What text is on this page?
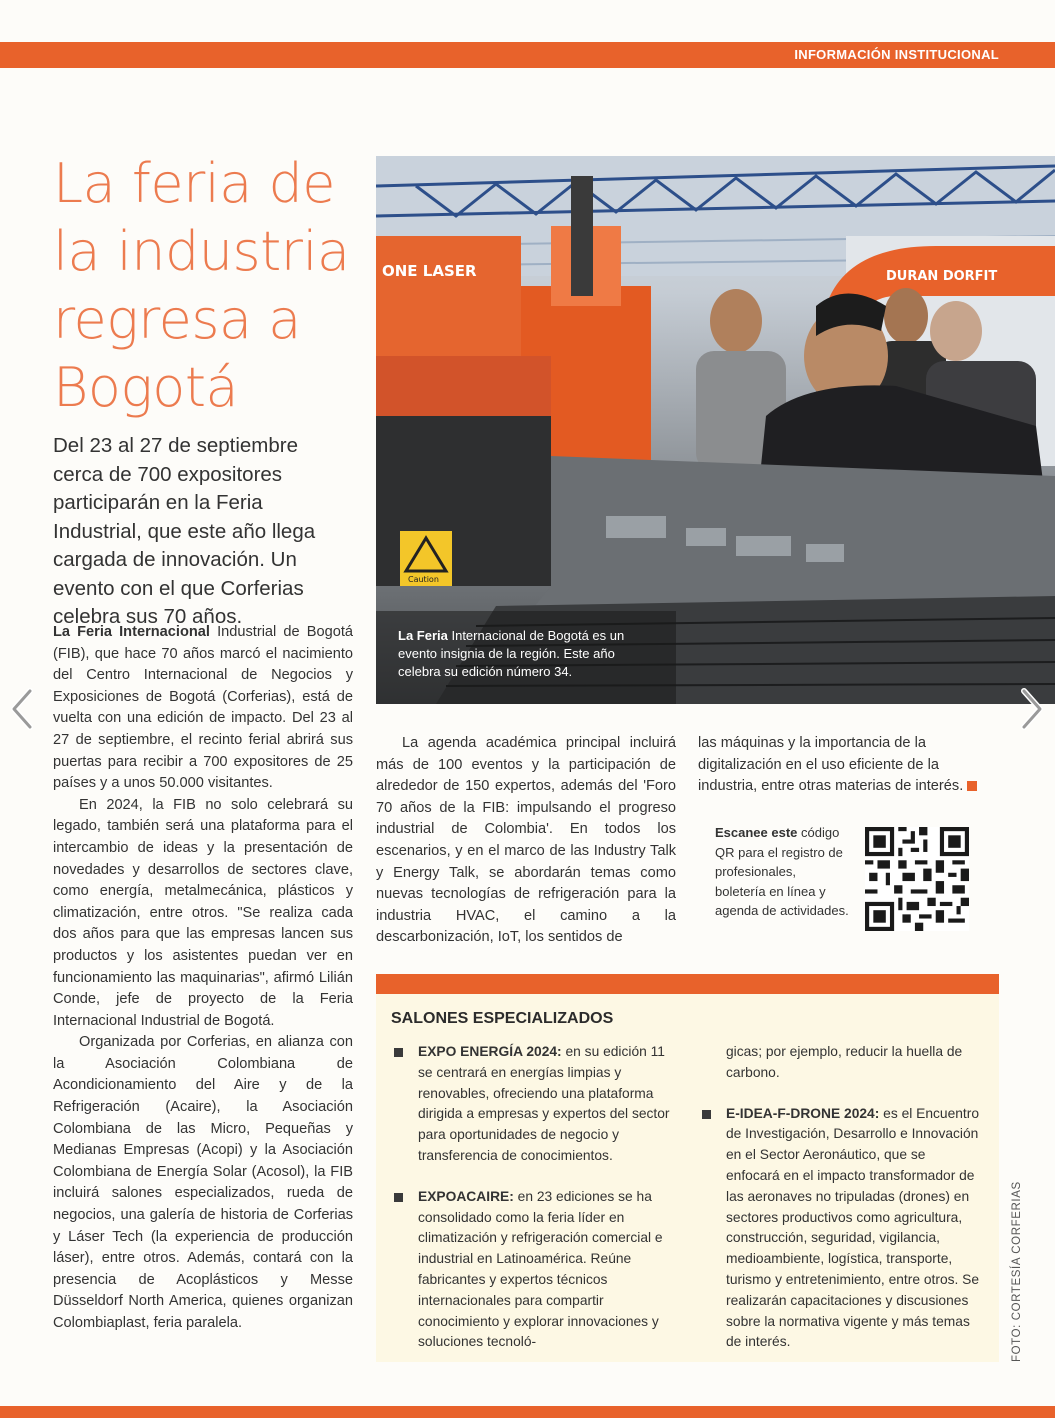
INFORMACIÓN INSTITUCIONAL
La feria de la industria regresa a Bogotá

Del 23 al 27 de septiembre cerca de 700 expositores participarán en la Feria Industrial, que este año llega cargada de innovación. Un evento con el que Corferias celebra sus 70 años.

DURAN DORFIT
ONE LASER
Caution

La Feria Internacional de Bogotá es un evento insignia de la región. Este año celebra su edición número 34.

La Feria Internacional Industrial de Bogotá (FIB), que hace 70 años marcó el nacimiento del Centro Internacional de Negocios y Exposiciones de Bogotá (Corferias), está de vuelta con una edición de impacto. Del 23 al 27 de septiembre, el recinto ferial abrirá sus puertas para recibir a 700 expositores de 25 países y a unos 50.000 visitantes.

En 2024, la FIB no solo celebrará su legado, también será una plataforma para el intercambio de ideas y la presentación de novedades y desarrollos de sectores clave, como energía, metalmecánica, plásticos y climatización, entre otros. "Se realiza cada dos años para que las empresas lancen sus productos y los asistentes puedan ver en funcionamiento las maquinarias", afirmó Lilián Conde, jefe de proyecto de la Feria Internacional Industrial de Bogotá.

Organizada por Corferias, en alianza con la Asociación Colombiana de Acondicionamiento del Aire y de la Refrigeración (Acaire), la Asociación Colombiana de las Micro, Pequeñas y Medianas Empresas (Acopi) y la Asociación Colombiana de Energía Solar (Acosol), la FIB incluirá salones especializados, rueda de negocios, una galería de historia de Corferias y Láser Tech (la experiencia de producción láser), entre otros. Además, contará con la presencia de Acoplásticos y Messe Düsseldorf North America, quienes organizan Colombiaplast, feria paralela.

La agenda académica principal incluirá más de 100 eventos y la participación de alrededor de 150 expertos, además del 'Foro 70 años de la FIB: impulsando el progreso industrial de Colombia'. En todos los escenarios, y en el marco de las Industry Talk y Energy Talk, se abordarán temas como nuevas tecnologías de refrigeración para la industria HVAC, el camino a la descarbonización, IoT, los sentidos de

las máquinas y la importancia de la digitalización en el uso eficiente de la industria, entre otras materias de interés.

Escanee este código QR para el registro de profesionales, boletería en línea y agenda de actividades.

SALONES ESPECIALIZADOS

EXPO ENERGÍA 2024: en su edición 11 se centrará en energías limpias y renovables, ofreciendo una plataforma dirigida a empresas y expertos del sector para oportunidades de negocio y transferencia de conocimientos.

EXPOACAIRE: en 23 ediciones se ha consolidado como la feria líder en climatización y refrigeración comercial e industrial en Latinoamérica. Reúne fabricantes y expertos técnicos internacionales para compartir conocimiento y explorar innovaciones y soluciones tecnoló-

gicas; por ejemplo, reducir la huella de carbono.

E-IDEA-F-DRONE 2024: es el Encuentro de Investigación, Desarrollo e Innovación en el Sector Aeronáutico, que se enfocará en el impacto transformador de las aeronaves no tripuladas (drones) en sectores productivos como agricultura, construcción, seguridad, vigilancia, medioambiente, logística, transporte, turismo y entretenimiento, entre otros. Se realizarán capacitaciones y discusiones sobre la normativa vigente y más temas de interés.	FOTO: CORTESÍA CORFERIAS
